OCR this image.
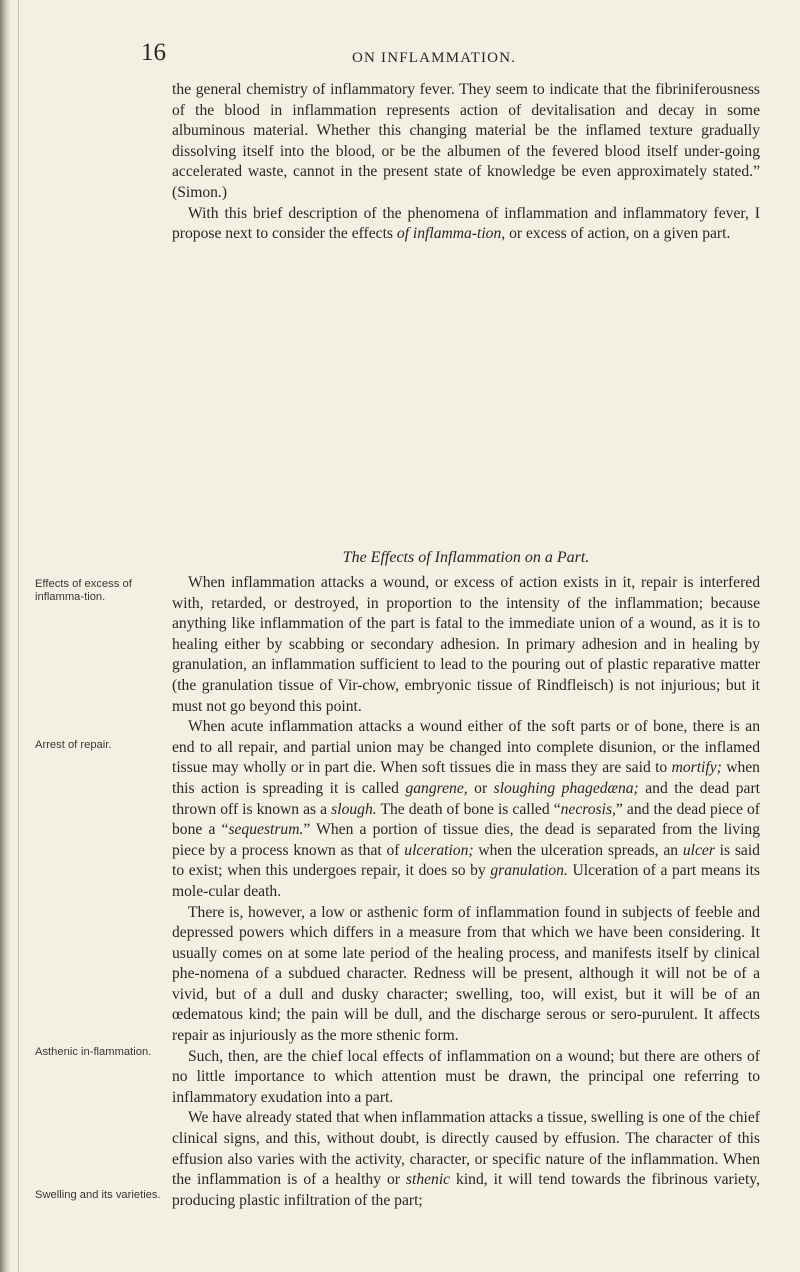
16	ON INFLAMMATION.

the general chemistry of inflammatory fever. They seem to indicate that the fibriniferousness of the blood in inflammation represents action of devitalisation and decay in some albuminous material. Whether this changing material be the inflamed texture gradually dissolving itself into the blood, or be the albumen of the fevered blood itself under-going accelerated waste, cannot in the present state of knowledge be even approximately stated.” (Simon.)

With this brief description of the phenomena of inflammation and inflammatory fever, I propose next to consider the effects of inflamma-tion, or excess of action, on a given part.

The Effects of Inflammation on a Part.

When inflammation attacks a wound, or excess of action exists in it, repair is interfered with, retarded, or destroyed, in proportion to the intensity of the inflammation; because anything like inflammation of the part is fatal to the immediate union of a wound, as it is to healing either by scabbing or secondary adhesion. In primary adhesion and in healing by granulation, an inflammation sufficient to lead to the pouring out of plastic reparative matter (the granulation tissue of Vir-chow, embryonic tissue of Rindfleisch) is not injurious; but it must not go beyond this point.

When acute inflammation attacks a wound either of the soft parts or of bone, there is an end to all repair, and partial union may be changed into complete disunion, or the inflamed tissue may wholly or in part die. When soft tissues die in mass they are said to mortify; when this action is spreading it is called gangrene, or sloughing phagedæna; and the dead part thrown off is known as a slough. The death of bone is called “necrosis,” and the dead piece of bone a “sequestrum.” When a portion of tissue dies, the dead is separated from the living piece by a process known as that of ulceration; when the ulceration spreads, an ulcer is said to exist; when this undergoes repair, it does so by granulation. Ulceration of a part means its mole-cular death.

There is, however, a low or asthenic form of inflammation found in subjects of feeble and depressed powers which differs in a measure from that which we have been considering. It usually comes on at some late period of the healing process, and manifests itself by clinical phe-nomena of a subdued character. Redness will be present, although it will not be of a vivid, but of a dull and dusky character; swelling, too, will exist, but it will be of an œdematous kind; the pain will be dull, and the discharge serous or sero-purulent. It affects repair as injuriously as the more sthenic form.

Such, then, are the chief local effects of inflammation on a wound; but there are others of no little importance to which attention must be drawn, the principal one referring to inflammatory exudation into a part.

We have already stated that when inflammation attacks a tissue, swelling is one of the chief clinical signs, and this, without doubt, is directly caused by effusion. The character of this effusion also varies with the activity, character, or specific nature of the inflammation. When the inflammation is of a healthy or sthenic kind, it will tend towards the fibrinous variety, producing plastic infiltration of the part;

Effects of excess of inflamma-tion.
Arrest of repair.
Asthenic in-flammation.
Swelling and its varieties.
